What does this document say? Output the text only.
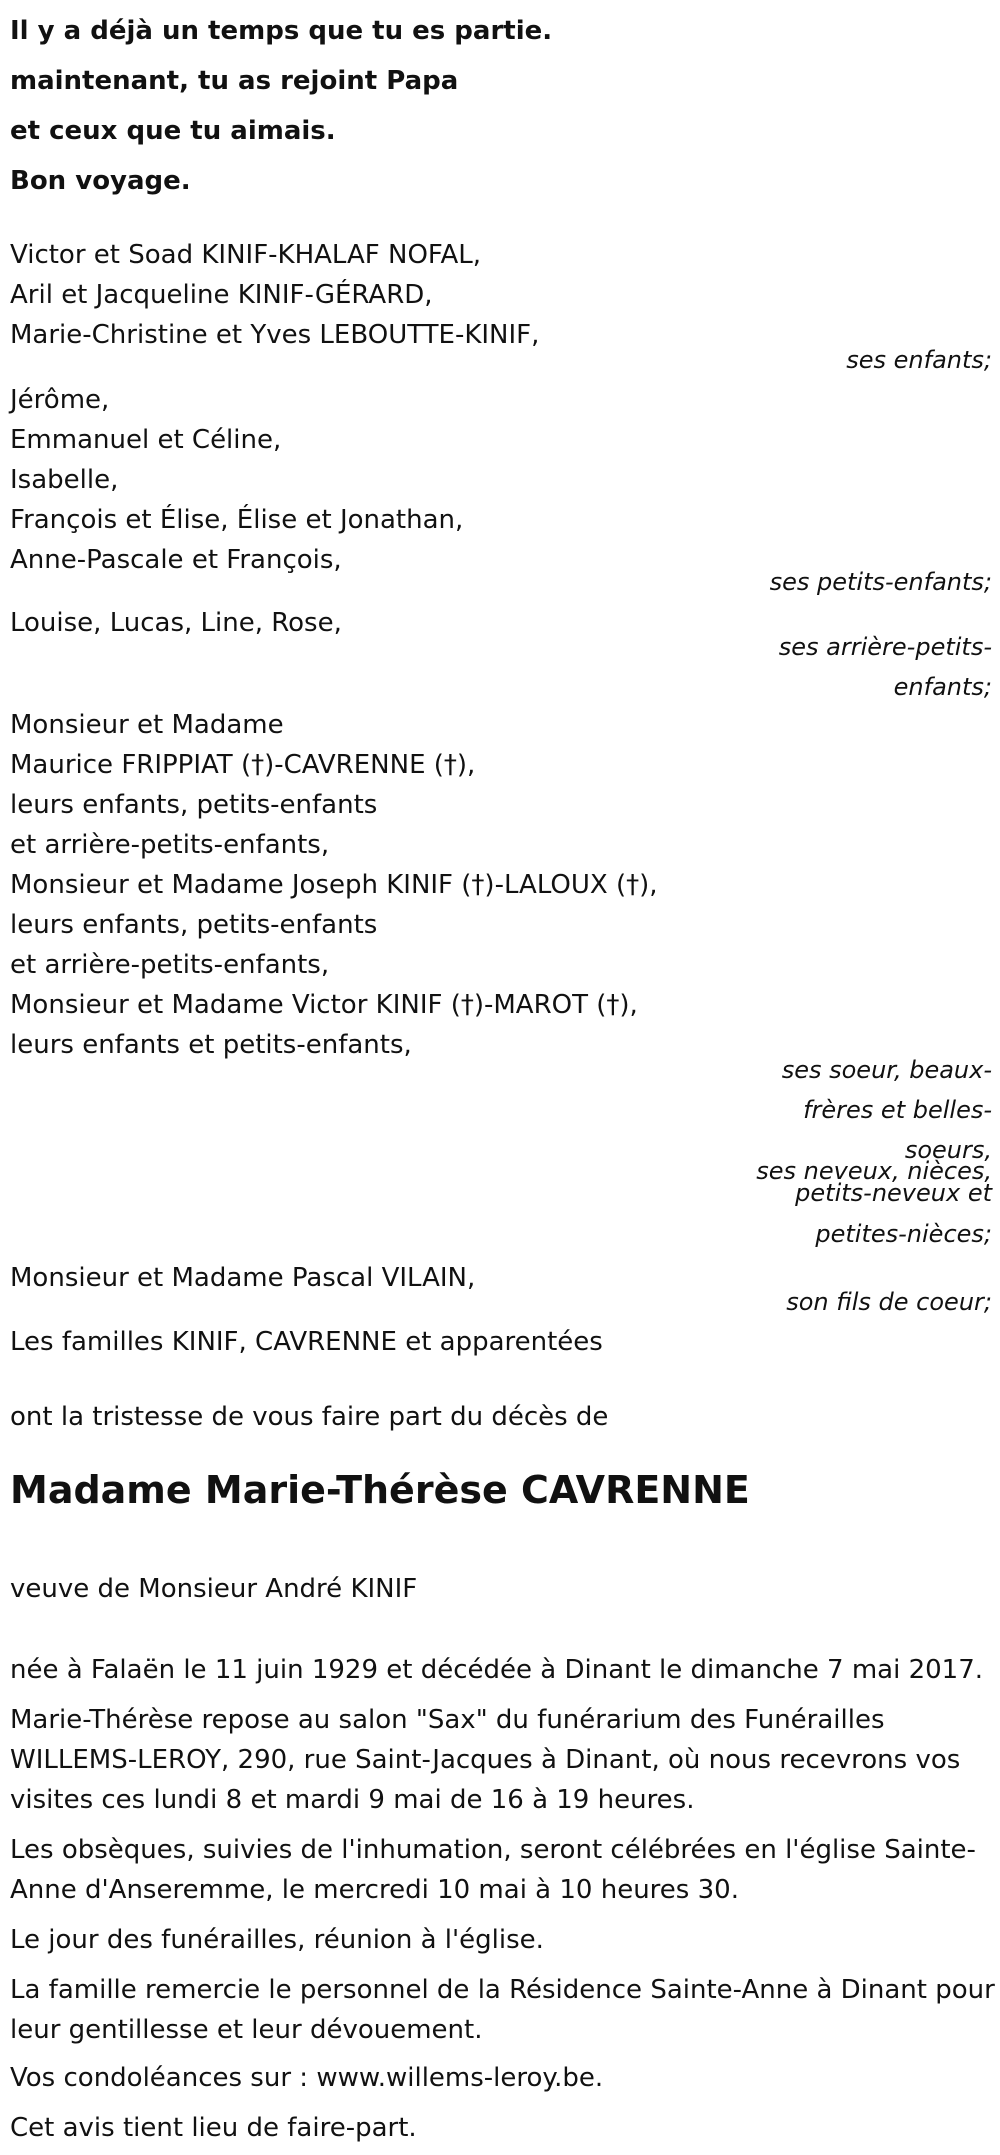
Il y a déjà un temps que tu es partie.
maintenant, tu as rejoint Papa
et ceux que tu aimais.
Bon voyage.
Victor et Soad KINIF-KHALAF NOFAL,
Aril et Jacqueline KINIF-GÉRARD,
Marie-Christine et Yves LEBOUTTE-KINIF,
ses enfants;
Jérôme,
Emmanuel et Céline,
Isabelle,
François et Élise, Élise et Jonathan,
Anne-Pascale et François,
ses petits-enfants;
Louise, Lucas, Line, Rose,
ses arrière-petits-
enfants;
Monsieur et Madame
Maurice FRIPPIAT (†)-CAVRENNE (†),
leurs enfants, petits-enfants
et arrière-petits-enfants,
Monsieur et Madame Joseph KINIF (†)-LALOUX (†),
leurs enfants, petits-enfants
et arrière-petits-enfants,
Monsieur et Madame Victor KINIF (†)-MAROT (†),
leurs enfants et petits-enfants,
ses soeur, beaux-
frères et belles-
soeurs,
ses neveux, nièces,
petits-neveux et
petites-nièces;
Monsieur et Madame Pascal VILAIN,
son fils de coeur;
Les familles KINIF, CAVRENNE et apparentées
ont la tristesse de vous faire part du décès de
Madame Marie-Thérèse CAVRENNE
veuve de Monsieur André KINIF
née à Falaën le 11 juin 1929 et décédée à Dinant le dimanche 7 mai 2017.
Marie-Thérèse repose au salon "Sax" du funérarium des Funérailles WILLEMS-LEROY, 290, rue Saint-Jacques à Dinant, où nous recevrons vos visites ces lundi 8 et mardi 9 mai de 16 à 19 heures.
Les obsèques, suivies de l'inhumation, seront célébrées en l'église Sainte-Anne d'Anseremme, le mercredi 10 mai à 10 heures 30.
Le jour des funérailles, réunion à l'église.
La famille remercie le personnel de la Résidence Sainte-Anne à Dinant pour leur gentillesse et leur dévouement.
Vos condoléances sur : www.willems-leroy.be.
Cet avis tient lieu de faire-part.
